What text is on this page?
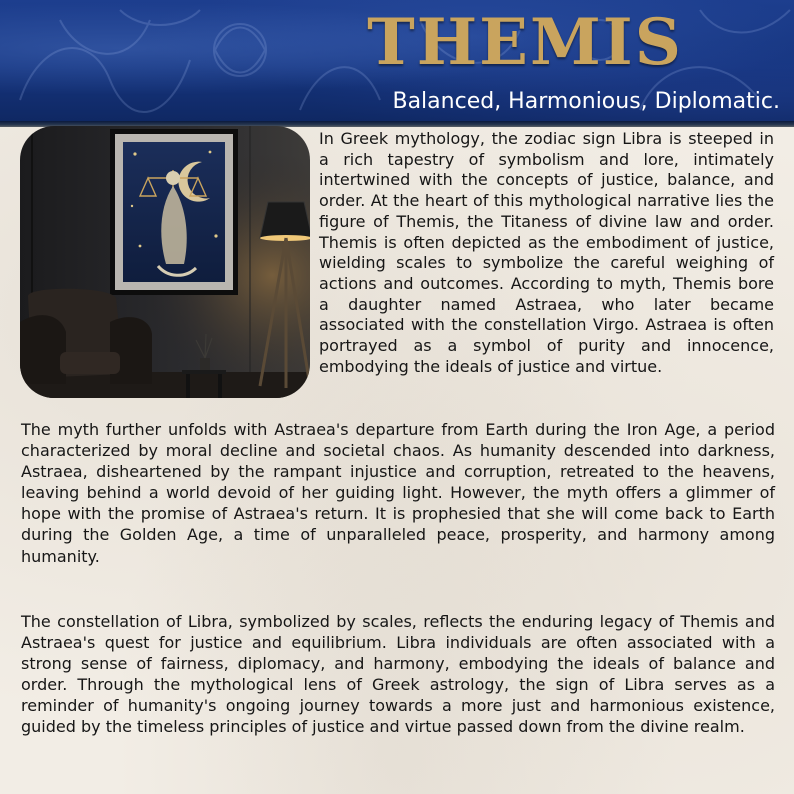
THEMIS
Balanced, Harmonious, Diplomatic.

In Greek mythology, the zodiac sign Libra is steeped in a rich tapestry of symbolism and lore, intimately intertwined with the concepts of justice, balance, and order. At the heart of this mythological narrative lies the figure of Themis, the Titaness of divine law and order. Themis is often depicted as the embodiment of justice, wielding scales to symbolize the careful weighing of actions and outcomes. According to myth, Themis bore a daughter named Astraea, who later became associated with the constellation Virgo. Astraea is often portrayed as a symbol of purity and innocence, embodying the ideals of justice and virtue.

The myth further unfolds with Astraea's departure from Earth during the Iron Age, a period characterized by moral decline and societal chaos. As humanity descended into darkness, Astraea, disheartened by the rampant injustice and corruption, retreated to the heavens, leaving behind a world devoid of her guiding light. However, the myth offers a glimmer of hope with the promise of Astraea's return. It is prophesied that she will come back to Earth during the Golden Age, a time of unparalleled peace, prosperity, and harmony among humanity.

The constellation of Libra, symbolized by scales, reflects the enduring legacy of Themis and Astraea's quest for justice and equilibrium. Libra individuals are often associated with a strong sense of fairness, diplomacy, and harmony, embodying the ideals of balance and order. Through the mythological lens of Greek astrology, the sign of Libra serves as a reminder of humanity's ongoing journey towards a more just and harmonious existence, guided by the timeless principles of justice and virtue passed down from the divine realm.
